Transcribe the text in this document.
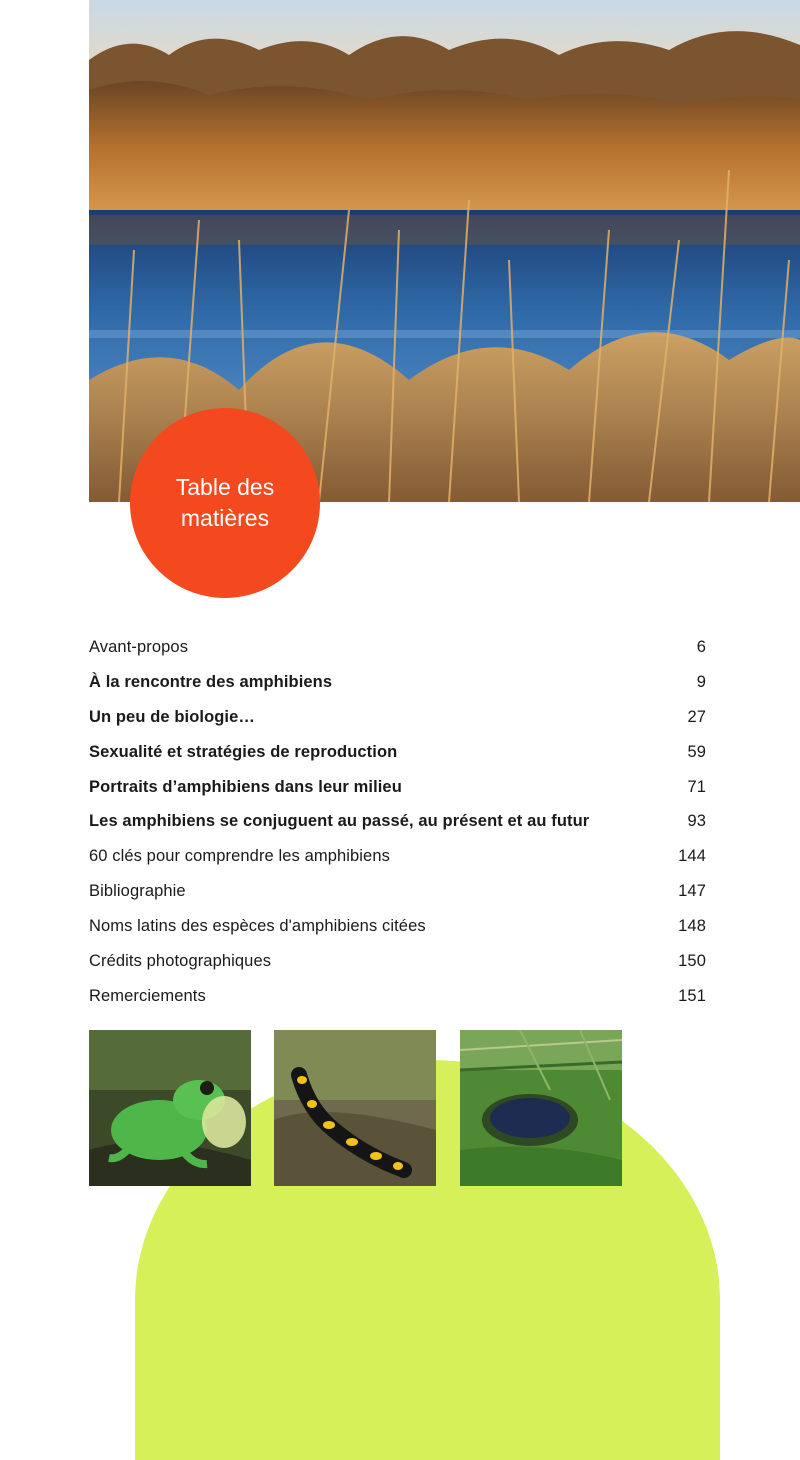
Table des matières
Avant-propos	6
À la rencontre des amphibiens	9
Un peu de biologie…	27
Sexualité et stratégies de reproduction	59
Portraits d’amphibiens dans leur milieu	71
Les amphibiens se conjuguent au passé, au présent et au futur	93
60 clés pour comprendre les amphibiens	144
Bibliographie	147
Noms latins des espèces d'amphibiens citées	148
Crédits photographiques	150
Remerciements	151
